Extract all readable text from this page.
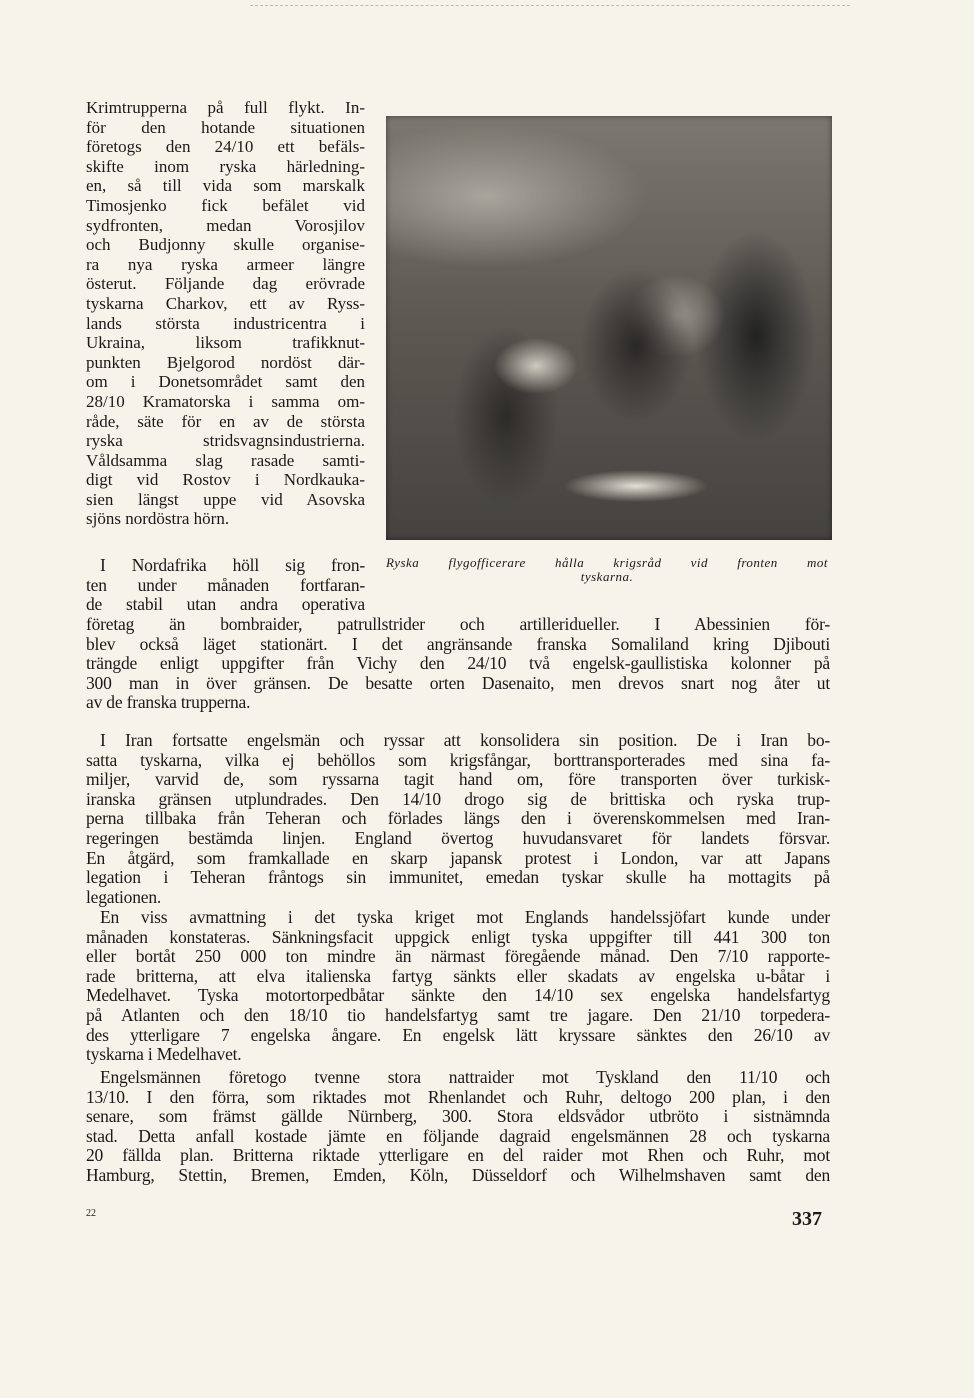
Krimtrupperna på full flykt. In-
för den hotande situationen
företogs den 24/10 ett befäls-
skifte inom ryska härledning-
en, så till vida som marskalk
Timosjenko fick befälet vid
sydfronten, medan Vorosjilov
och Budjonny skulle organise-
ra nya ryska armeer längre
österut. Följande dag erövrade
tyskarna Charkov, ett av Ryss-
lands största industricentra i
Ukraina, liksom trafikknut-
punkten Bjelgorod nordöst där-
om i Donetsområdet samt den
28/10 Kramatorska i samma om-
råde, säte för en av de största
ryska stridsvagnsindustrierna.
Våldsamma slag rasade samti-
digt vid Rostov i Nordkauka-
sien längst uppe vid Asovska
sjöns nordöstra hörn.
Ryska flygofficerare hålla krigsråd vid fronten mot
tyskarna.
I Nordafrika höll sig fron-
ten under månaden fortfaran-
de stabil utan andra operativa
företag än bombraider, patrullstrider och artilleridueller. I Abessinien för-
blev också läget stationärt. I det angränsande franska Somaliland kring Djibouti
trängde enligt uppgifter från Vichy den 24/10 två engelsk-gaullistiska kolonner på
300 man in över gränsen. De besatte orten Dasenaito, men drevos snart nog åter ut
av de franska trupperna.
I Iran fortsatte engelsmän och ryssar att konsolidera sin position. De i Iran bo-
satta tyskarna, vilka ej behöllos som krigsfångar, borttransporterades med sina fa-
miljer, varvid de, som ryssarna tagit hand om, före transporten över turkisk-
iranska gränsen utplundrades. Den 14/10 drogo sig de brittiska och ryska trup-
perna tillbaka från Teheran och förlades längs den i överenskommelsen med Iran-
regeringen bestämda linjen. England övertog huvudansvaret för landets försvar.
En åtgärd, som framkallade en skarp japansk protest i London, var att Japans
legation i Teheran fråntogs sin immunitet, emedan tyskar skulle ha mottagits på
legationen.
En viss avmattning i det tyska kriget mot Englands handelssjöfart kunde under
månaden konstateras. Sänkningsfacit uppgick enligt tyska uppgifter till 441 300 ton
eller bortåt 250 000 ton mindre än närmast föregående månad. Den 7/10 rapporte-
rade britterna, att elva italienska fartyg sänkts eller skadats av engelska u-båtar i
Medelhavet. Tyska motortorpedbåtar sänkte den 14/10 sex engelska handelsfartyg
på Atlanten och den 18/10 tio handelsfartyg samt tre jagare. Den 21/10 torpedera-
des ytterligare 7 engelska ångare. En engelsk lätt kryssare sänktes den 26/10 av
tyskarna i Medelhavet.
Engelsmännen företogo tvenne stora nattraider mot Tyskland den 11/10 och
13/10. I den förra, som riktades mot Rhenlandet och Ruhr, deltogo 200 plan, i den
senare, som främst gällde Nürnberg, 300. Stora eldsvådor utbröto i sistnämnda
stad. Detta anfall kostade jämte en följande dagraid engelsmännen 28 och tyskarna
20 fällda plan. Britterna riktade ytterligare en del raider mot Rhen och Ruhr, mot
Hamburg, Stettin, Bremen, Emden, Köln, Düsseldorf och Wilhelmshaven samt den
22	337
